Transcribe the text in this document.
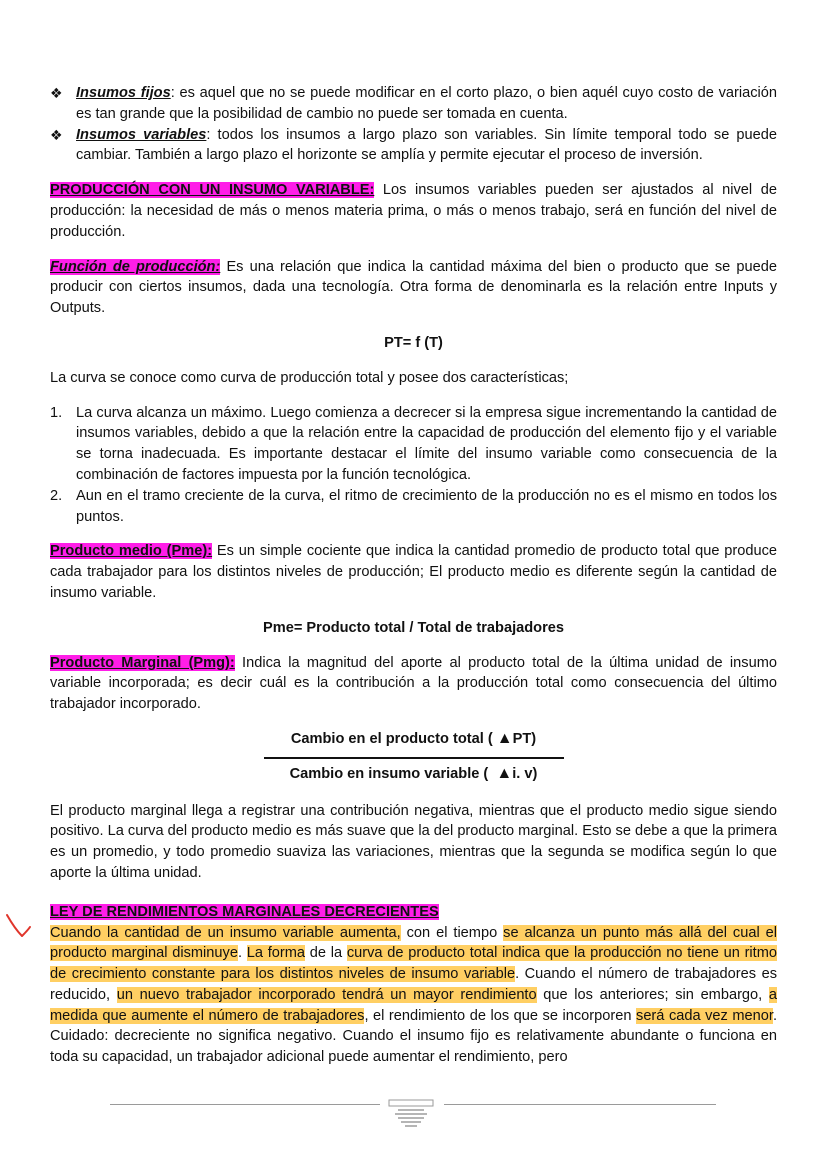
❖ Insumos fijos: es aquel que no se puede modificar en el corto plazo, o bien aquél cuyo costo de variación es tan grande que la posibilidad de cambio no puede ser tomada en cuenta.
❖ Insumos variables: todos los insumos a largo plazo son variables. Sin límite temporal todo se puede cambiar. También a largo plazo el horizonte se amplía y permite ejecutar el proceso de inversión.

PRODUCCIÓN CON UN INSUMO VARIABLE: Los insumos variables pueden ser ajustados al nivel de producción: la necesidad de más o menos materia prima, o más o menos trabajo, será en función del nivel de producción.

Función de producción: Es una relación que indica la cantidad máxima del bien o producto que se puede producir con ciertos insumos, dada una tecnología. Otra forma de denominarla es la relación entre Inputs y Outputs.

PT= f (T)

La curva se conoce como curva de producción total y posee dos características;

1. La curva alcanza un máximo. Luego comienza a decrecer si la empresa sigue incrementando la cantidad de insumos variables, debido a que la relación entre la capacidad de producción del elemento fijo y el variable se torna inadecuada. Es importante destacar el límite del insumo variable como consecuencia de la combinación de factores impuesta por la función tecnológica.
2. Aun en el tramo creciente de la curva, el ritmo de crecimiento de la producción no es el mismo en todos los puntos.

Producto medio (Pme): Es un simple cociente que indica la cantidad promedio de producto total que produce cada trabajador para los distintos niveles de producción; El producto medio es diferente según la cantidad de insumo variable.

Pme= Producto total / Total de trabajadores

Producto Marginal (Pmg): Indica la magnitud del aporte al producto total de la última unidad de insumo variable incorporada; es decir cuál es la contribución a la producción total como consecuencia del último trabajador incorporado.

Cambio en el producto total ( ▲PT)
Cambio en insumo variable ( ▲i. v)

El producto marginal llega a registrar una contribución negativa, mientras que el producto medio sigue siendo positivo. La curva del producto medio es más suave que la del producto marginal. Esto se debe a que la primera es un promedio, y todo promedio suaviza las variaciones, mientras que la segunda se modifica según lo que aporte la última unidad.

LEY DE RENDIMIENTOS MARGINALES DECRECIENTES

Cuando la cantidad de un insumo variable aumenta, con el tiempo se alcanza un punto más allá del cual el producto marginal disminuye. La forma de la curva de producto total indica que la producción no tiene un ritmo de crecimiento constante para los distintos niveles de insumo variable. Cuando el número de trabajadores es reducido, un nuevo trabajador incorporado tendrá un mayor rendimiento que los anteriores; sin embargo, a medida que aumente el número de trabajadores, el rendimiento de los que se incorporen será cada vez menor. Cuidado: decreciente no significa negativo. Cuando el insumo fijo es relativamente abundante o funciona en toda su capacidad, un trabajador adicional puede aumentar el rendimiento, pero
